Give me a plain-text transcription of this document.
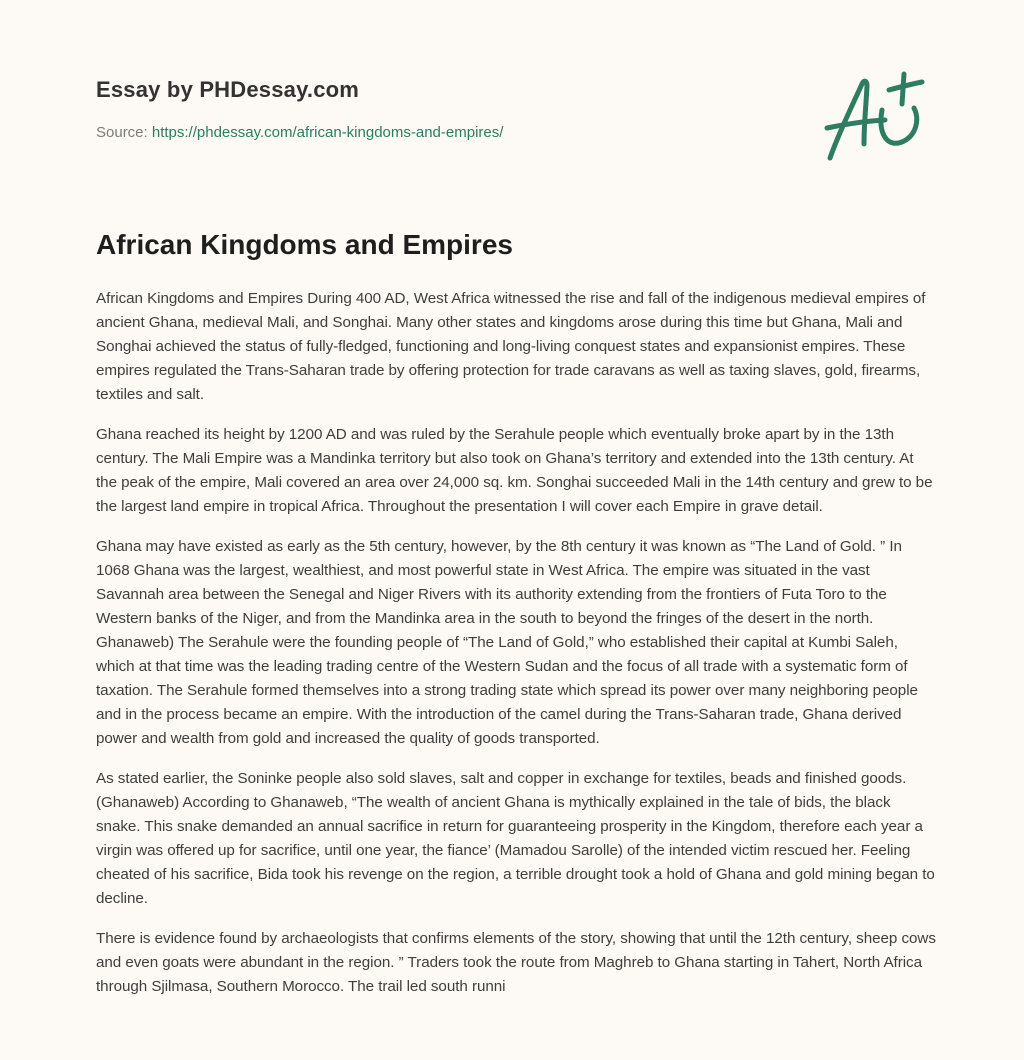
Essay by PHDessay.com
Source: https://phdessay.com/african-kingdoms-and-empires/
African Kingdoms and Empires

African Kingdoms and Empires During 400 AD, West Africa witnessed the rise and fall of the indigenous medieval empires of ancient Ghana, medieval Mali, and Songhai. Many other states and kingdoms arose during this time but Ghana, Mali and Songhai achieved the status of fully-fledged, functioning and long-living conquest states and expansionist empires. These empires regulated the Trans-Saharan trade by offering protection for trade caravans as well as taxing slaves, gold, firearms, textiles and salt.

Ghana reached its height by 1200 AD and was ruled by the Serahule people which eventually broke apart by in the 13th century. The Mali Empire was a Mandinka territory but also took on Ghana’s territory and extended into the 13th century. At the peak of the empire, Mali covered an area over 24,000 sq. km. Songhai succeeded Mali in the 14th century and grew to be the largest land empire in tropical Africa. Throughout the presentation I will cover each Empire in grave detail.

Ghana may have existed as early as the 5th century, however, by the 8th century it was known as “The Land of Gold. ” In 1068 Ghana was the largest, wealthiest, and most powerful state in West Africa. The empire was situated in the vast Savannah area between the Senegal and Niger Rivers with its authority extending from the frontiers of Futa Toro to the Western banks of the Niger, and from the Mandinka area in the south to beyond the fringes of the desert in the north. Ghanaweb) The Serahule were the founding people of “The Land of Gold,” who established their capital at Kumbi Saleh, which at that time was the leading trading centre of the Western Sudan and the focus of all trade with a systematic form of taxation. The Serahule formed themselves into a strong trading state which spread its power over many neighboring people and in the process became an empire. With the introduction of the camel during the Trans-Saharan trade, Ghana derived power and wealth from gold and increased the quality of goods transported.

As stated earlier, the Soninke people also sold slaves, salt and copper in exchange for textiles, beads and finished goods. (Ghanaweb) According to Ghanaweb, “The wealth of ancient Ghana is mythically explained in the tale of bids, the black snake. This snake demanded an annual sacrifice in return for guaranteeing prosperity in the Kingdom, therefore each year a virgin was offered up for sacrifice, until one year, the fiance’ (Mamadou Sarolle) of the intended victim rescued her. Feeling cheated of his sacrifice, Bida took his revenge on the region, a terrible drought took a hold of Ghana and gold mining began to decline.

There is evidence found by archaeologists that confirms elements of the story, showing that until the 12th century, sheep cows and even goats were abundant in the region. ” Traders took the route from Maghreb to Ghana starting in Tahert, North Africa through Sjilmasa, Southern Morocco. The trail led south runni
